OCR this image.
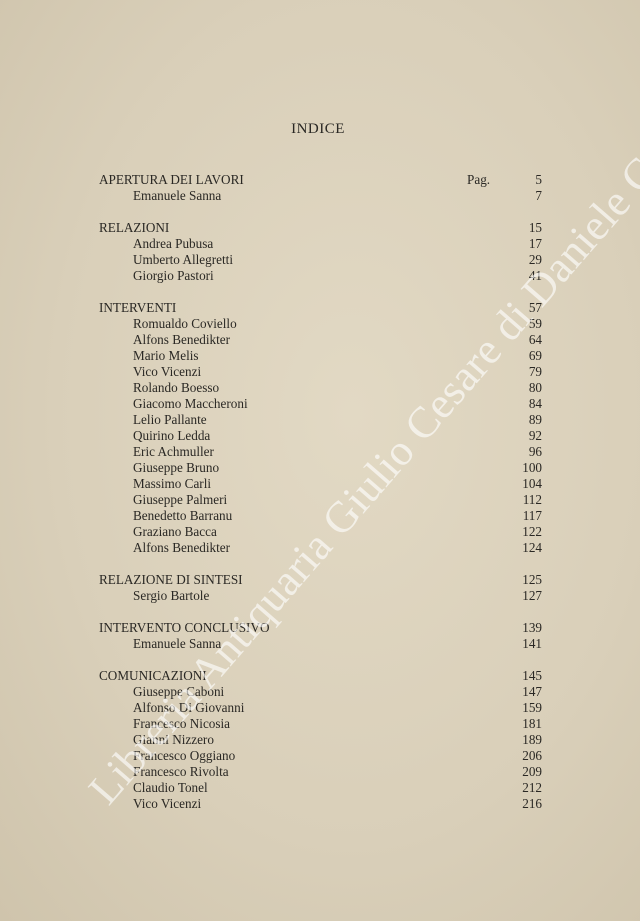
INDICE
APERTURA DEI LAVORI	Pag.	5
Emanuele Sanna	7
RELAZIONI	15
Andrea Pubusa	17
Umberto Allegretti	29
Giorgio Pastori	41
INTERVENTI	57
Romualdo Coviello	59
Alfons Benedikter	64
Mario Melis	69
Vico Vicenzi	79
Rolando Boesso	80
Giacomo Maccheroni	84
Lelio Pallante	89
Quirino Ledda	92
Eric Achmuller	96
Giuseppe Bruno	100
Massimo Carli	104
Giuseppe Palmeri	112
Benedetto Barranu	117
Graziano Bacca	122
Alfons Benedikter	124
RELAZIONE DI SINTESI	125
Sergio Bartole	127
INTERVENTO CONCLUSIVO	139
Emanuele Sanna	141
COMUNICAZIONI	145
Giuseppe Caboni	147
Alfonso Di Giovanni	159
Francesco Nicosia	181
Gianni Nizzero	189
Francesco Oggiano	206
Francesco Rivolta	209
Claudio Tonel	212
Vico Vicenzi	216
